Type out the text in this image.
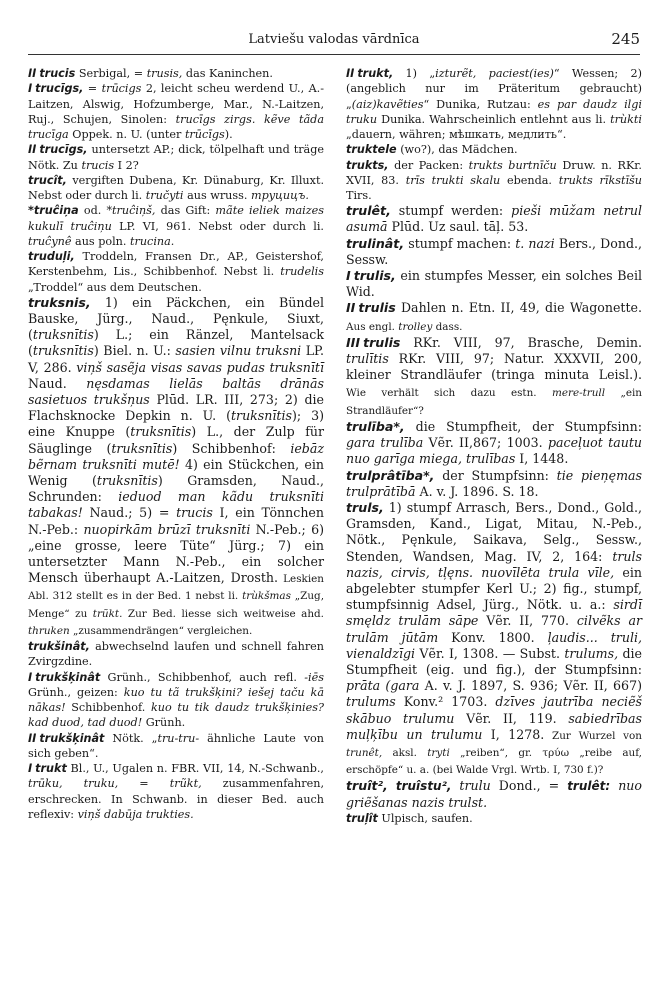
Latviešu valodas vārdnīca	245

II trucis Serbigal, = trusis, das Kaninchen.

I trucīgs, = trūcigs 2, leicht scheu werdend U., A.-Laitzen, Alswig, Hofzumberge, Mar., N.-Laitzen, Ruj., Schujen, Sinolen: trucīgs zirgs. kẽve tãda trucīga Oppek. n. U. (unter trūcīgs).

II trucīgs, untersetzt AP.; dick, tölpelhaft und träge Nötk. Zu trucis I 2?

trucît, vergiften Dubena, Kr. Dünaburg, Kr. Illuxt. Nebst oder durch li. tručyti aus wruss. трyцицъ.

*truĉiņa od. *truĉiņš, das Gift: mãte ieliek maizes kukulī truĉiņu LP. VI, 961. Nebst oder durch li. truĉynê aus poln. trucina.

truduļi, Troddeln, Fransen Dr., AP., Geistershof, Kerstenbehm, Lis., Schibbenhof. Nebst li. trudelis „Troddel“ aus dem Deutschen.

truksnis, 1) ein Päckchen, ein Bündel Bauske, Jürg., Naud., Pęnkule, Siuxt, (truksnītis) L.; ein Ränzel, Mantelsack (truksnītis) Biel. n. U.: sasien vilnu truksni LP. V, 286. viņš sasẽja visas savas pudas truksnītī Naud. nęsdamas lielās baltās drānās sasietuos trukšņus Plūd. LR. III, 273; 2) die Flachsknocke Depkin n. U. (truksnītis); 3) eine Knuppe (truksnītis) L., der Zulp für Säuglinge (truksnītis) Schibbenhof: iebāz bẽrnam truksnīti mutē! 4) ein Stückchen, ein Wenig (truksnītis) Gramsden, Naud., Schrunden: ieduod man kãdu truksnīti tabakas! Naud.; 5) = trucis I, ein Tönnchen N.-Peb.: nuopirkām brūzī truksnīti N.-Peb.; 6) „eine grosse, leere Tüte“ Jürg.; 7) ein untersetzter Mann N.-Peb., ein solcher Mensch überhaupt A.-Laitzen, Drosth. Leskien Abl. 312 stellt es in der Bed. 1 nebst li. trùkšmas „Zug, Menge“ zu trũkt. Zur Bed. liesse sich weitweise ahd. thruken „zusammendrängen“ vergleichen.

trukšinât, abwechselnd laufen und schnell fahren Zvirgzdine.

I trukšķinât Grünh., Schibbenhof, auch refl. -iēs Grünh., geizen: kuo tu tã trukšķini? iešej taču kā nākas! Schibbenhof. kuo tu tik daudz trukšķinies? kad duod, tad duod! Grünh.

II trukšķinât Nötk. „tru-tru- ähnliche Laute von sich geben“.

I trukt Bl., U., Ugalen n. FBR. VII, 14, N.-Schwanb., trūku, truku, = trũkt, zusammenfahren, erschrecken. In Schwanb. in dieser Bed. auch reflexiv: viņš dabūja trukties.

II trukt, 1) „izturẽt, paciest(ies)“ Wessen; 2) (angeblich nur im Präteritum gebraucht) „(aiz)kavẽties“ Dunika, Rutzau: es par daudz ilgi truku Dunika. Wahrscheinlich entlehnt aus li. trùkti „dauern, währen; мѣшкать, медлить“.

truktele (wo?), das Mädchen.

trukts, der Packen: trukts burtnīču Druw. n. RKr. XVII, 83. trīs trukti skalu ebenda. trukts rīkstīšu Tirs.

trulêt, stumpf werden: pieši mūžam netrul asumā Plūd. Uz saul. tāļ. 53.

trulinât, stumpf machen: t. nazi Bers., Dond., Sessw.

I trulis, ein stumpfes Messer, ein solches Beil Wid.

II trulis Dahlen n. Etn. II, 49, die Wagonette. Aus engl. trolley dass.

III trulis RKr. VIII, 97, Brasche, Demin. trulītis RKr. VIII, 97; Natur. XXXVII, 200, kleiner Strandläufer (tringa minuta Leisl.). Wie verhält sich dazu estn. mere-trull „ein Strandläufer“?

trulība*, die Stumpfheit, der Stumpfsinn: gara trulība Vẽr. II,867; 1003. paceļuot tautu nuo garīga miega, trulības I, 1448.

trulprâtība*, der Stumpfsinn: tie pieņęmas trulprātībā A. v. J. 1896. S. 18.

truls, 1) stumpf Arrasch, Bers., Dond., Gold., Gramsden, Kand., Ligat, Mitau, N.-Peb., Nötk., Pęnkule, Saikava, Selg., Sessw., Stenden, Wandsen, Mag. IV, 2, 164: truls nazis, cirvis, tļęns. nuovīlēta trula vīle, ein abgelebter stumpfer Kerl U.; 2) fig., stumpf, stumpfsinnig Adsel, Jürg., Nötk. u. a.: sirdī smęldz trulām sāpe Vẽr. II, 770. cilvẽks ar trulām jūtām Konv. 1800. ļaudis... truli, vienaldzīgi Vẽr. I, 1308. — Subst. trulums, die Stumpfheit (eig. und fig.), der Stumpfsinn: prāta (gara A. v. J. 1897, S. 936; Vẽr. II, 667) trulums Konv.² 1703. dzīves jautrība neciẽš skābuo trulumu Vẽr. II, 119. sabiedrības muļķību un trulumu I, 1278. Zur Wurzel von trunêt, aksl. tryti „reiben“, gr. τρύω „reibe auf, erschöpfe“ u. a. (bei Walde Vrgl. Wrtb. I, 730 f.)?

truît², truîstu², trulu Dond., = trulêt: nuo griẽšanas nazis trulst.

truļît Ulpisch, saufen.
